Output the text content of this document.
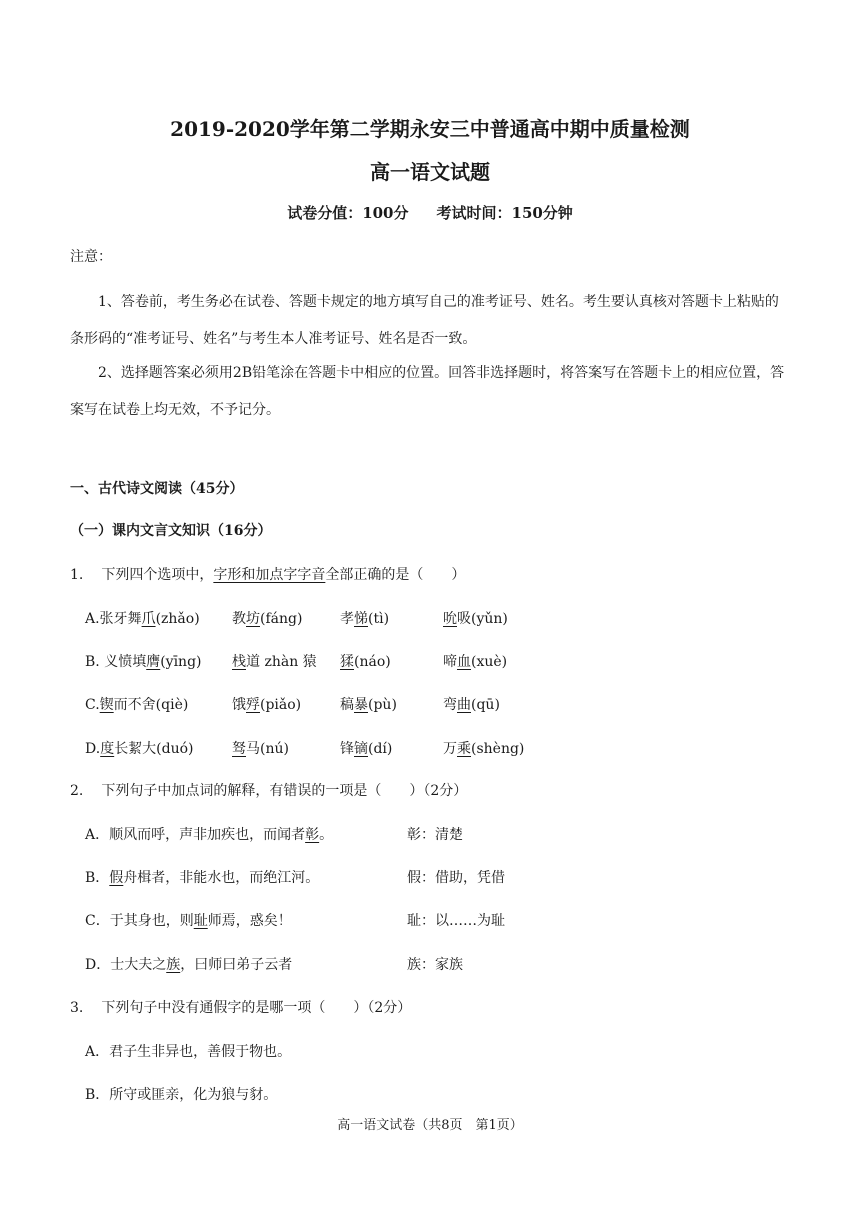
2019-2020学年第二学期永安三中普通高中期中质量检测
高一语文试题
试卷分值：100分 考试时间：150分钟
注意：
1、答卷前，考生务必在试卷、答题卡规定的地方填写自己的准考证号、姓名。考生要认真核对答题卡上粘贴的条形码的“准考证号、姓名”与考生本人准考证号、姓名是否一致。
2、选择题答案必须用2B铅笔涂在答题卡中相应的位置。回答非选择题时，将答案写在答题卡上的相应位置，答案写在试卷上均无效，不予记分。
一、古代诗文阅读（45分）
（一）课内文言文知识（16分）
1. 下列四个选项中，字形和加点字字音全部正确的是（　　）
A.张牙舞爪(zhǎo) 教坊(fáng)	孝悌(tì)	吮吸(yǔn)
B. 义愤填膺(yīng) 栈道 zhàn 猿 猱(náo)	啼血(xuè)
C.锲而不舍(qiè)	饿殍(piǎo)	稿暴(pù)	弯曲(qū)
D.度长絜大(duó)	驽马(nú)	锋镝(dí)	万乘(shèng)
2. 下列句子中加点词的解释，有错误的一项是（　　）（2分）
A．顺风而呼，声非加疾也，而闻者彰。	彰：清楚
B．假舟楫者，非能水也，而绝江河。	假：借助，凭借
C．于其身也，则耻师焉，惑矣！	耻：以……为耻
D．士大夫之族，曰师曰弟子云者	族：家族
3. 下列句子中没有通假字的是哪一项（　　）（2分）
A．君子生非异也，善假于物也。
B．所守或匪亲，化为狼与豺。
高一语文试卷（共8页　第1页）
